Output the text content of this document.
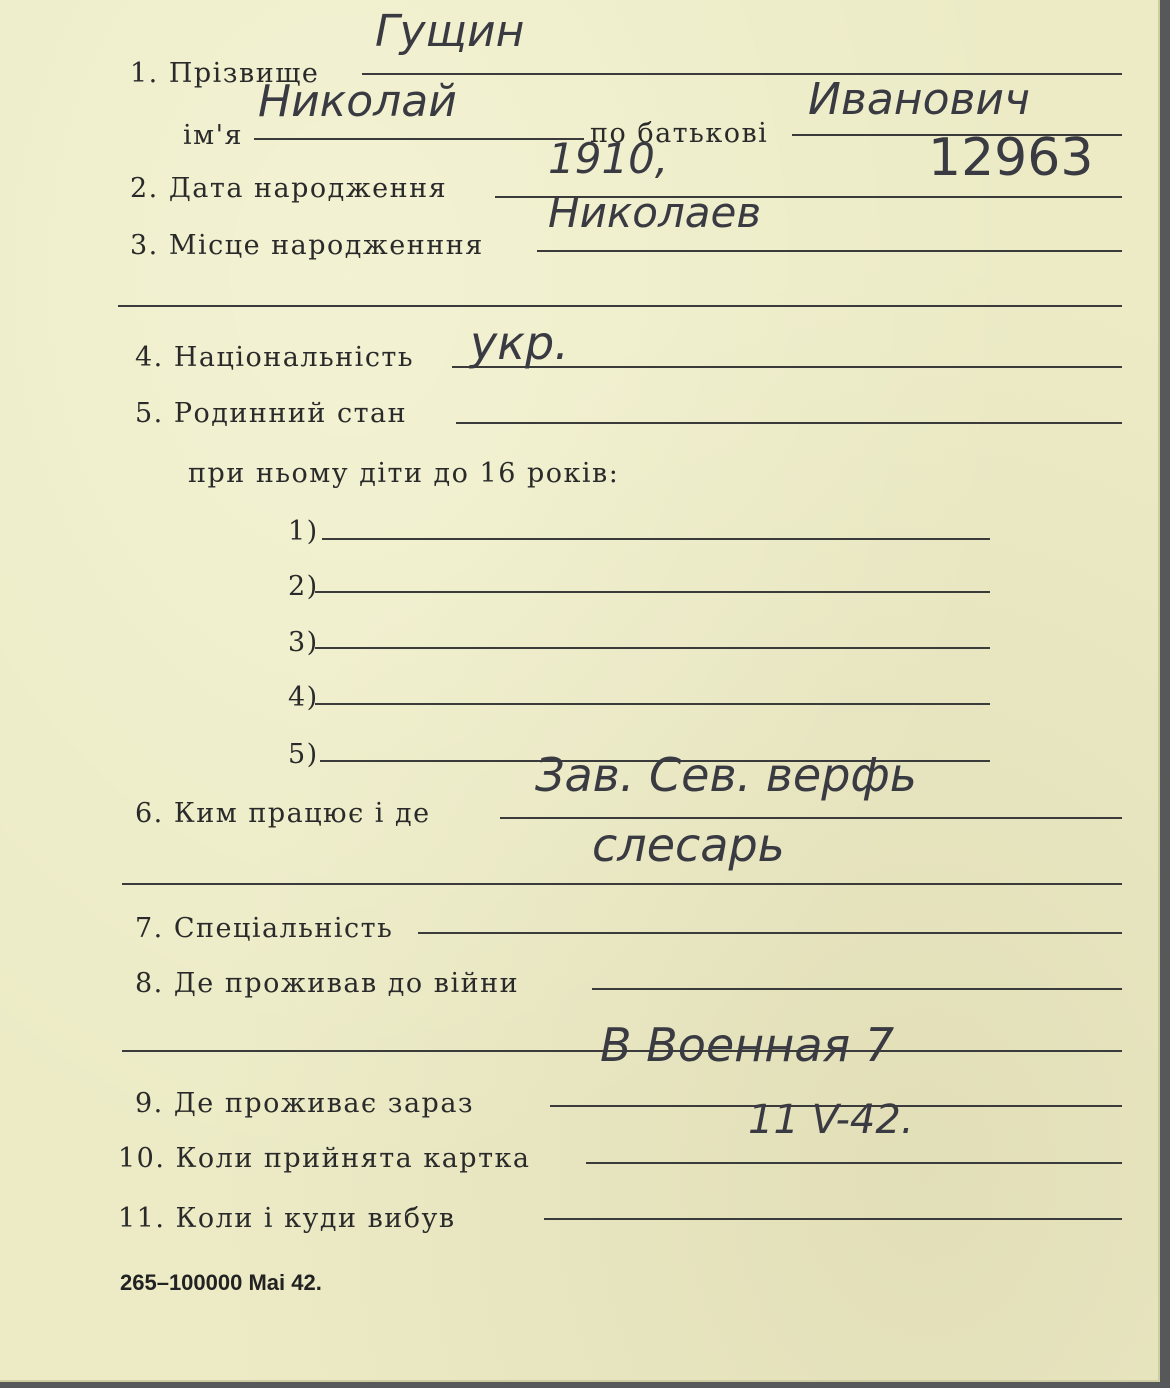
1. Прізвище
Гущин
ім'я
Николай
по батькові
Иванович
2. Дата народження
1910,	12963
3. Місце народженння
Николаев
4. Національність укр.
5. Родинний стан
при ньому діти до 16 років:
1)
2)
3)
4)
5)
6. Ким працює і де
Зав. Сев. верфь
слесарь
7. Спеціальність
8. Де проживав до війни
9. Де проживає зараз
В Военная 7
10. Коли прийнята картка
11 V-42.
11. Коли і куди вибув
265–100000 Mai 42.
